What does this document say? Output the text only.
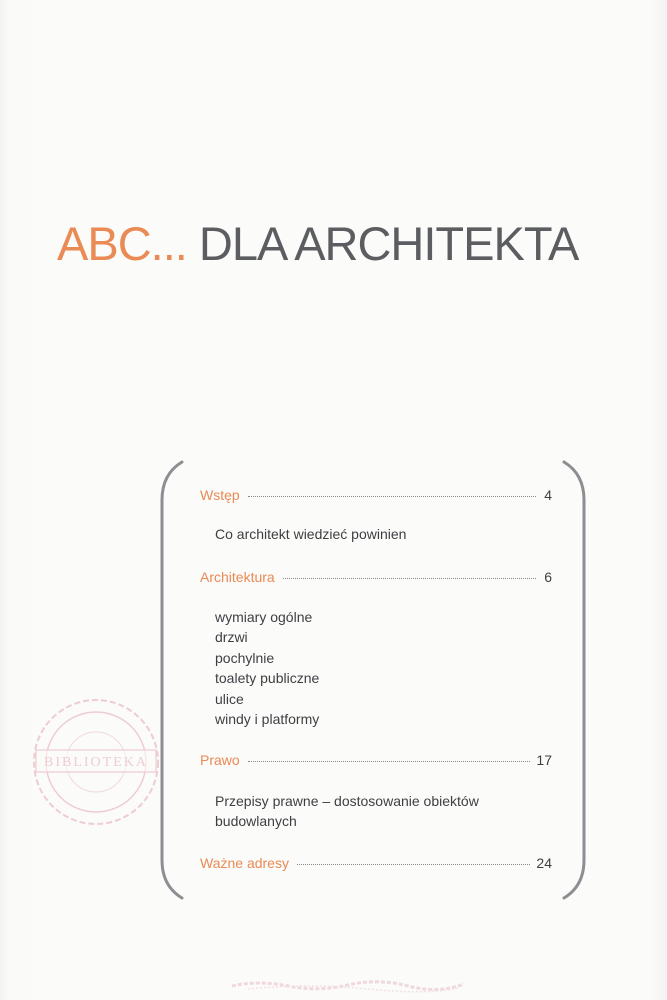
ABC... DLA ARCHITEKTA
Wstęp	4
Co architekt wiedzieć powinien
Architektura	6
wymiary ogólne
drzwi
pochylnie
toalety publiczne
ulice
windy i platformy
Prawo	17
Przepisy prawne – dostosowanie obiektów
budowlanych
Ważne adresy	24
BIBLIOTEKA
